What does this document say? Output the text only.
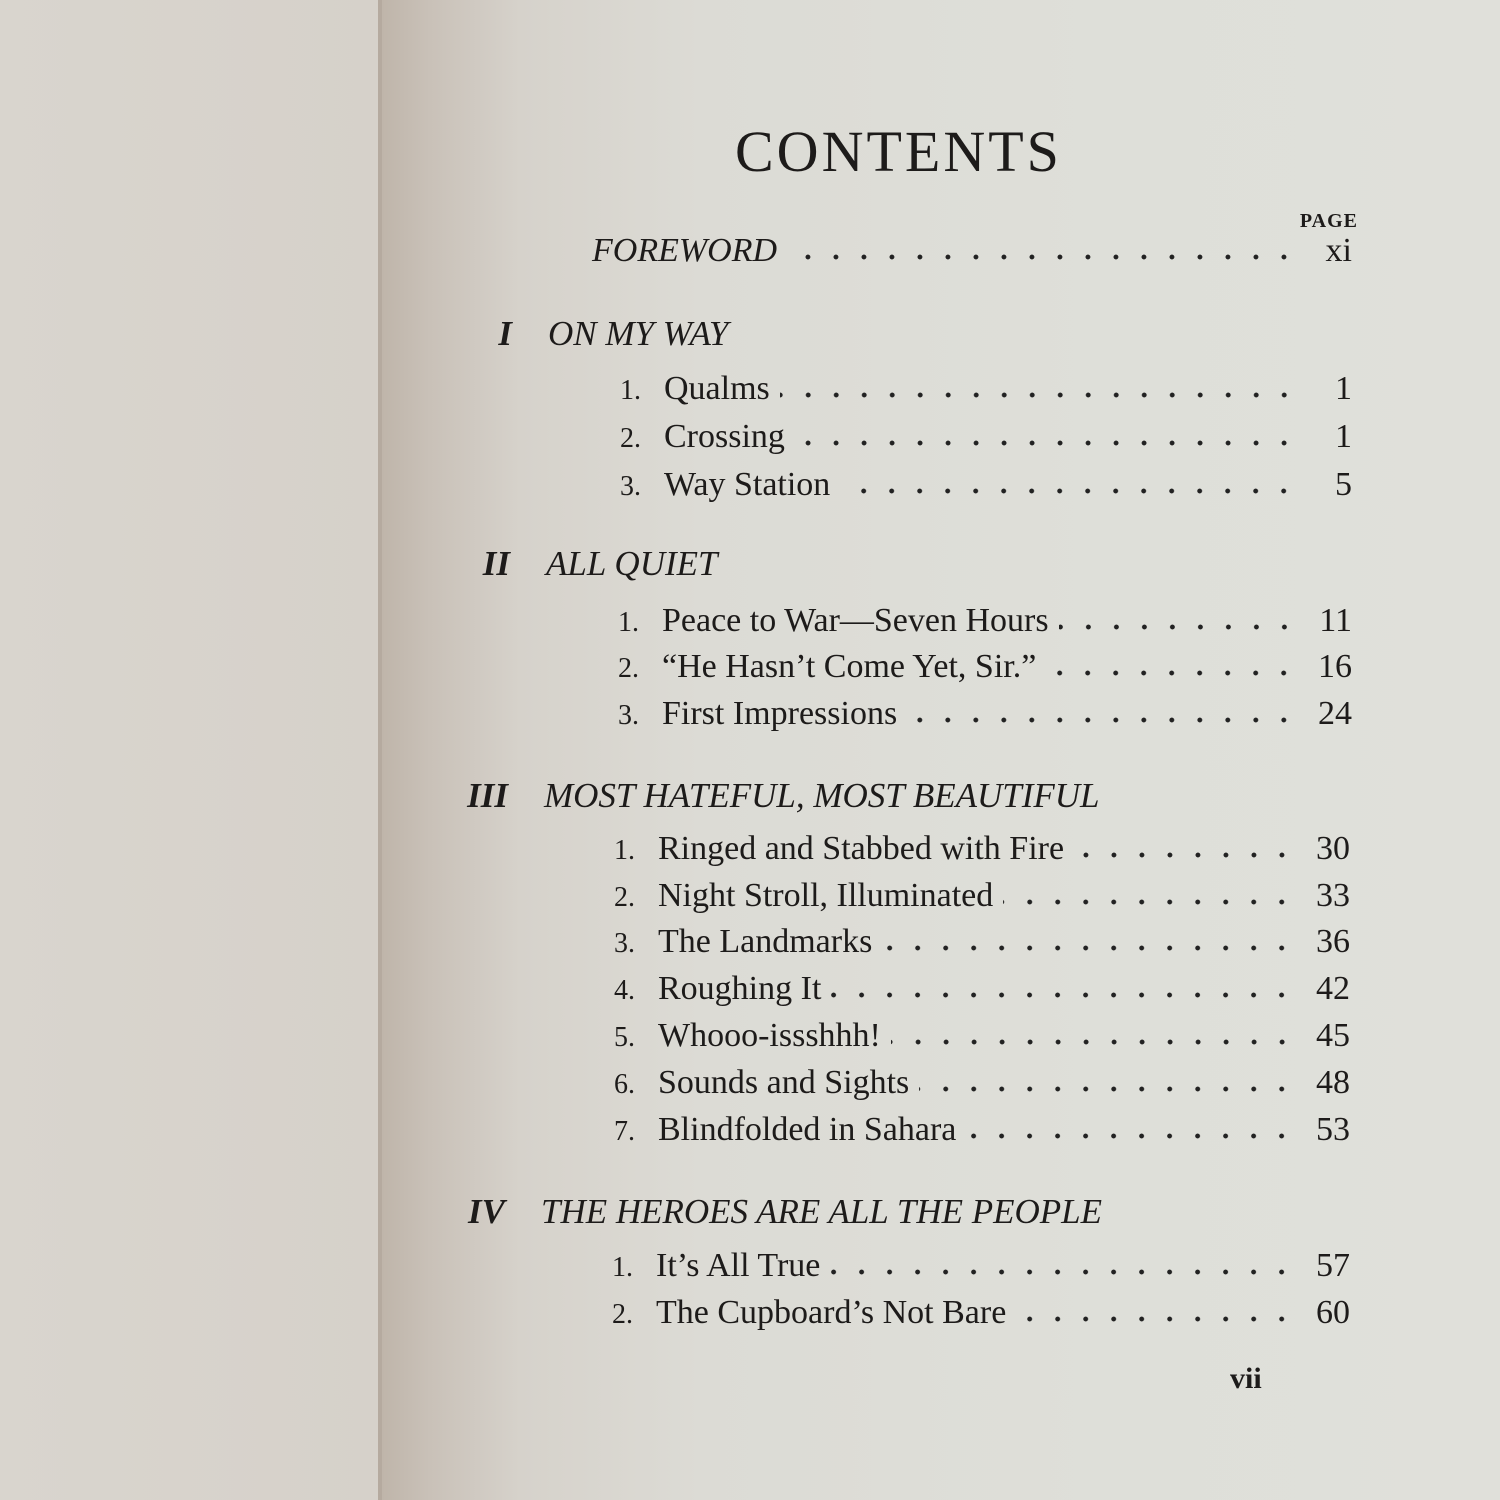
CONTENTS
PAGE
FOREWORD	xi
I ON MY WAY
1. Qualms	1
2. Crossing	1
3. Way Station	5
II ALL QUIET
1. Peace to War—Seven Hours	11
2. “He Hasn’t Come Yet, Sir.”	16
3. First Impressions	24
III MOST HATEFUL, MOST BEAUTIFUL
1. Ringed and Stabbed with Fire	30
2. Night Stroll, Illuminated	33
3. The Landmarks	36
4. Roughing It	42
5. Whooo-issshhh!	45
6. Sounds and Sights	48
7. Blindfolded in Sahara	53
IV THE HEROES ARE ALL THE PEOPLE
1. It’s All True	57
2. The Cupboard’s Not Bare	60
vii
